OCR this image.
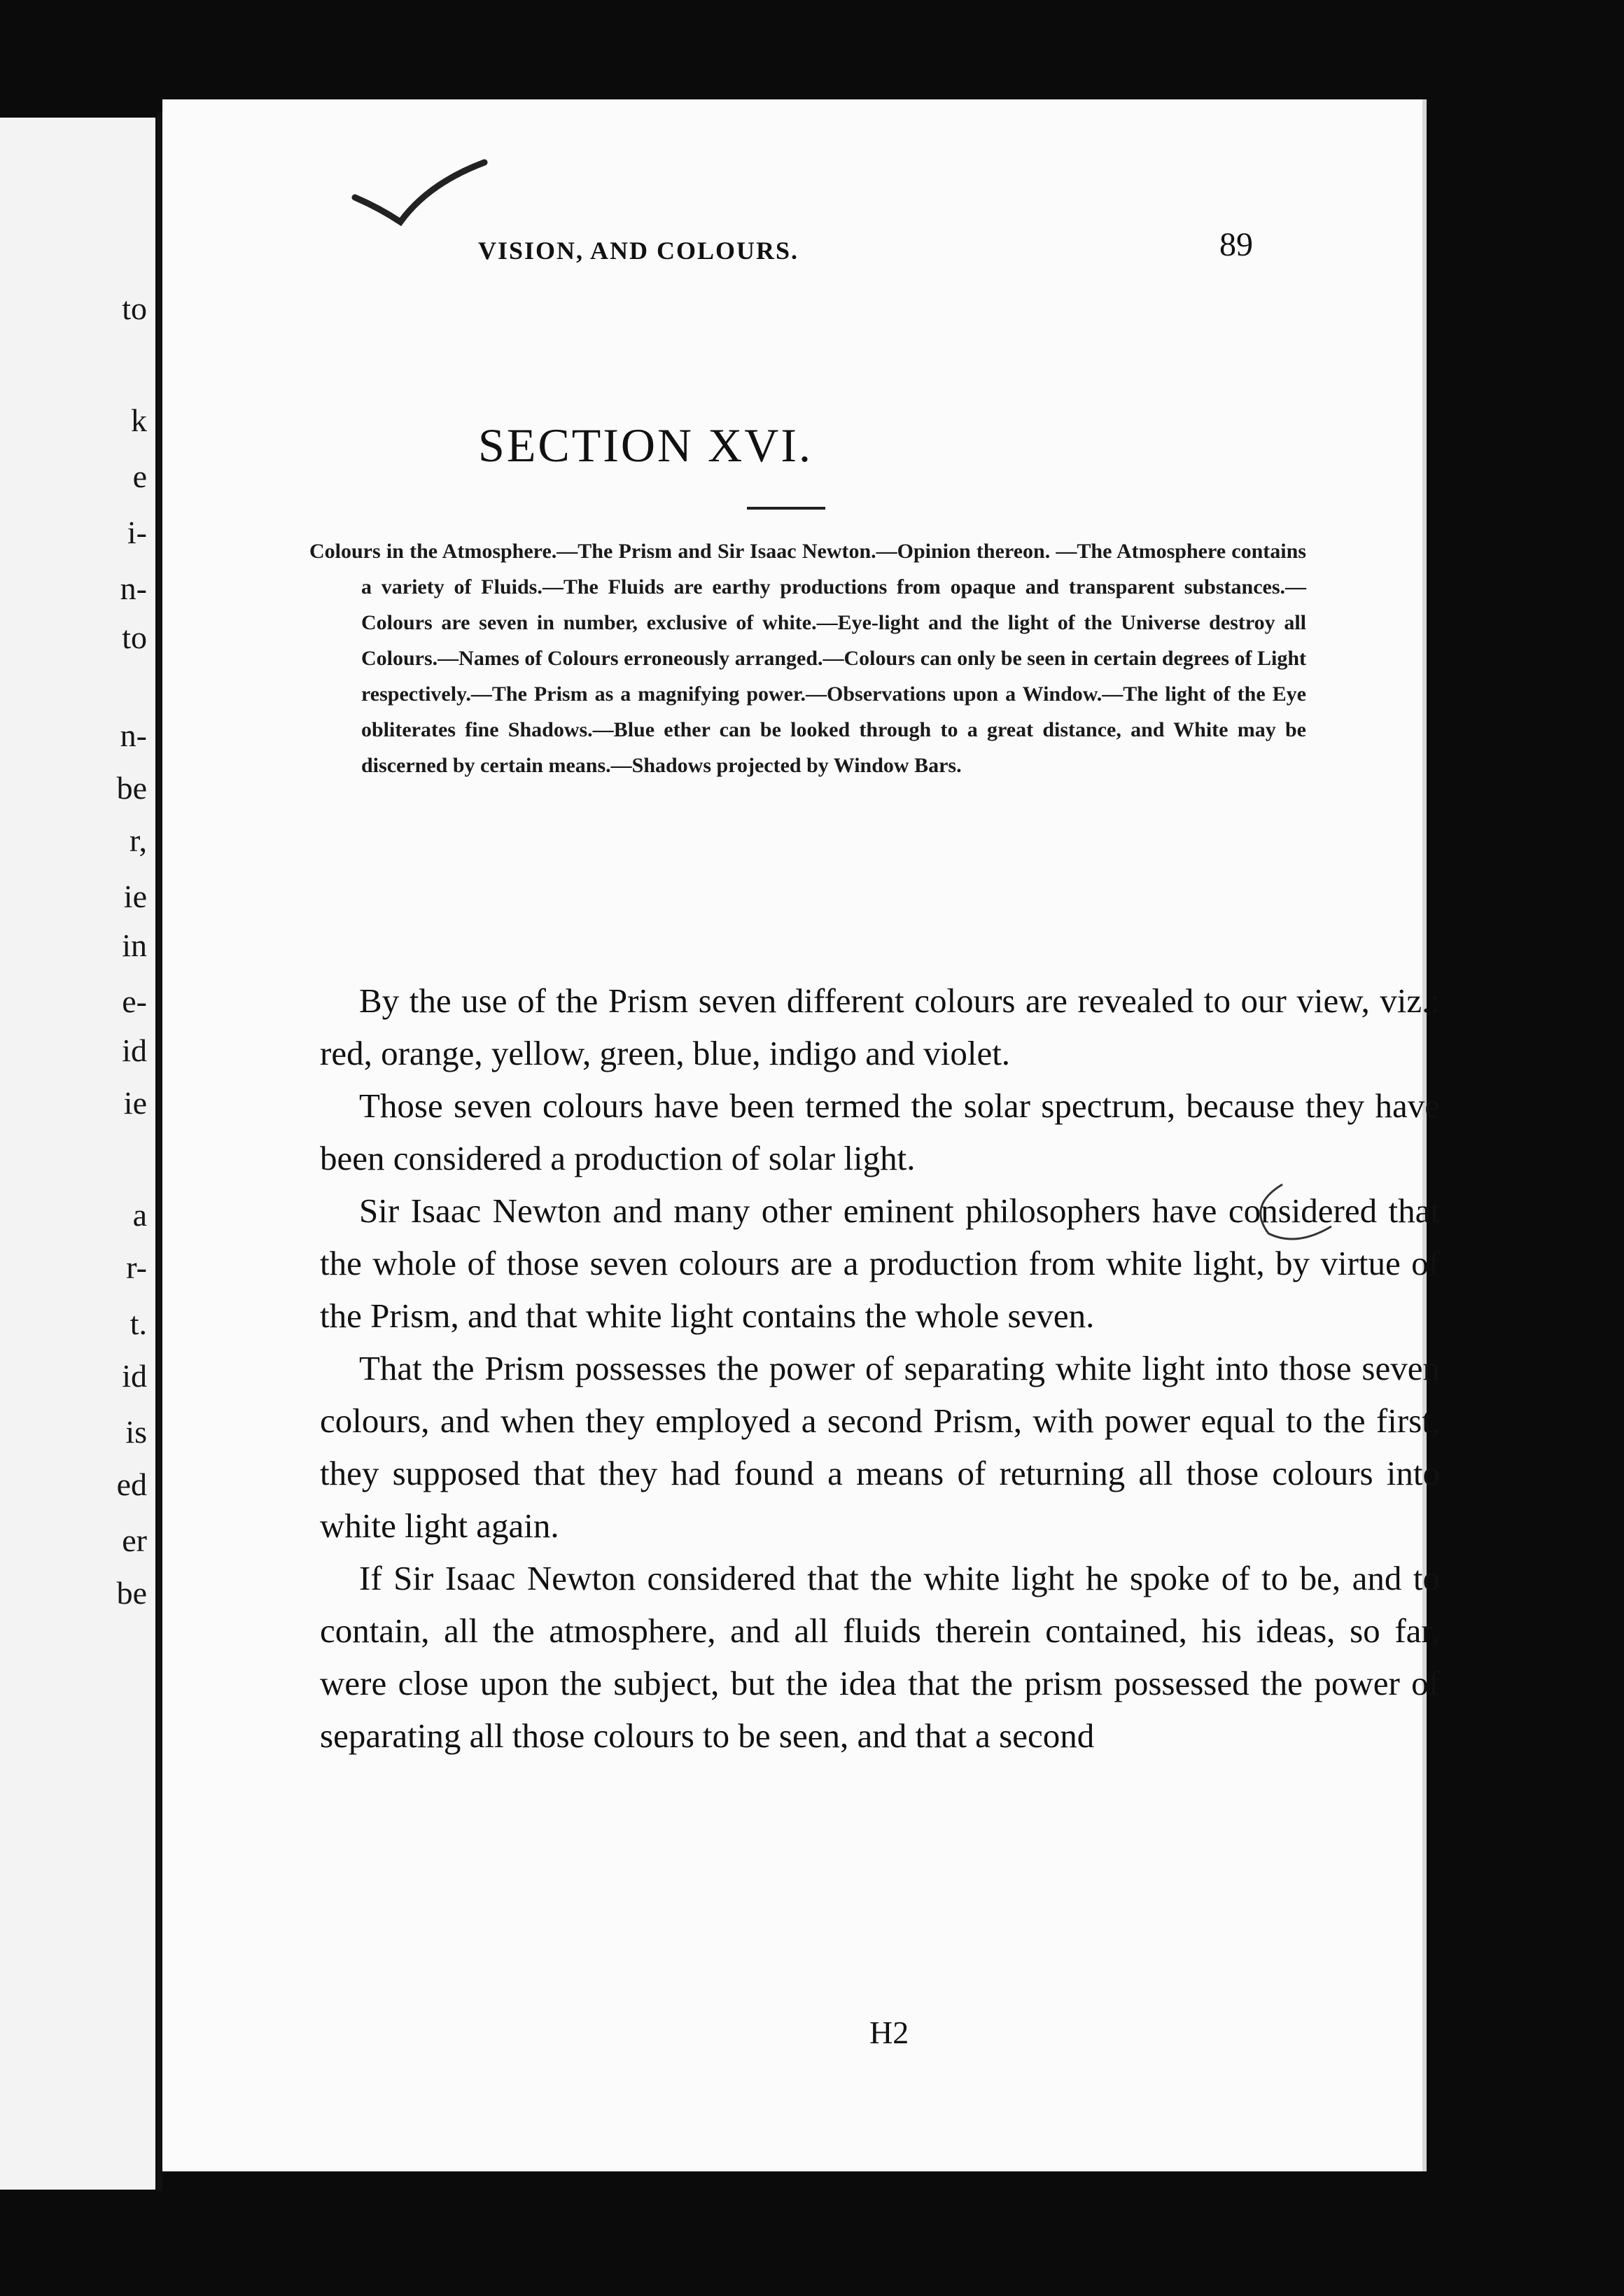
to
k
e
i-
n-
to
n-
be
r,
ie
in
e-
id
ie
a
r-
t.
id
is
ed
er
be
VISION, AND COLOURS.	89
SECTION XVI.
Colours in the Atmosphere.—The Prism and Sir Isaac Newton.—Opinion thereon. —The Atmosphere contains a variety of Fluids.—The Fluids are earthy productions from opaque and transparent substances.—Colours are seven in number, exclusive of white.—Eye-light and the light of the Universe destroy all Colours.—Names of Colours erroneously arranged.—Colours can only be seen in certain degrees of Light respectively.—The Prism as a magnifying power.—Observations upon a Window.—The light of the Eye obliterates fine Shadows.—Blue ether can be looked through to a great distance, and White may be discerned by certain means.—Shadows projected by Window Bars.

By the use of the Prism seven different colours are revealed to our view, viz.: red, orange, yellow, green, blue, indigo and violet.

Those seven colours have been termed the solar spectrum, because they have been considered a production of solar light.

Sir Isaac Newton and many other eminent philosophers have considered that the whole of those seven colours are a production from white light, by virtue of the Prism, and that white light contains the whole seven.

That the Prism possesses the power of separating white light into those seven colours, and when they employed a second Prism, with power equal to the first, they supposed that they had found a means of returning all those colours into white light again.

If Sir Isaac Newton considered that the white light he spoke of to be, and to contain, all the atmosphere, and all fluids therein contained, his ideas, so far, were close upon the subject, but the idea that the prism possessed the power of separating all those colours to be seen, and that a second

H2
